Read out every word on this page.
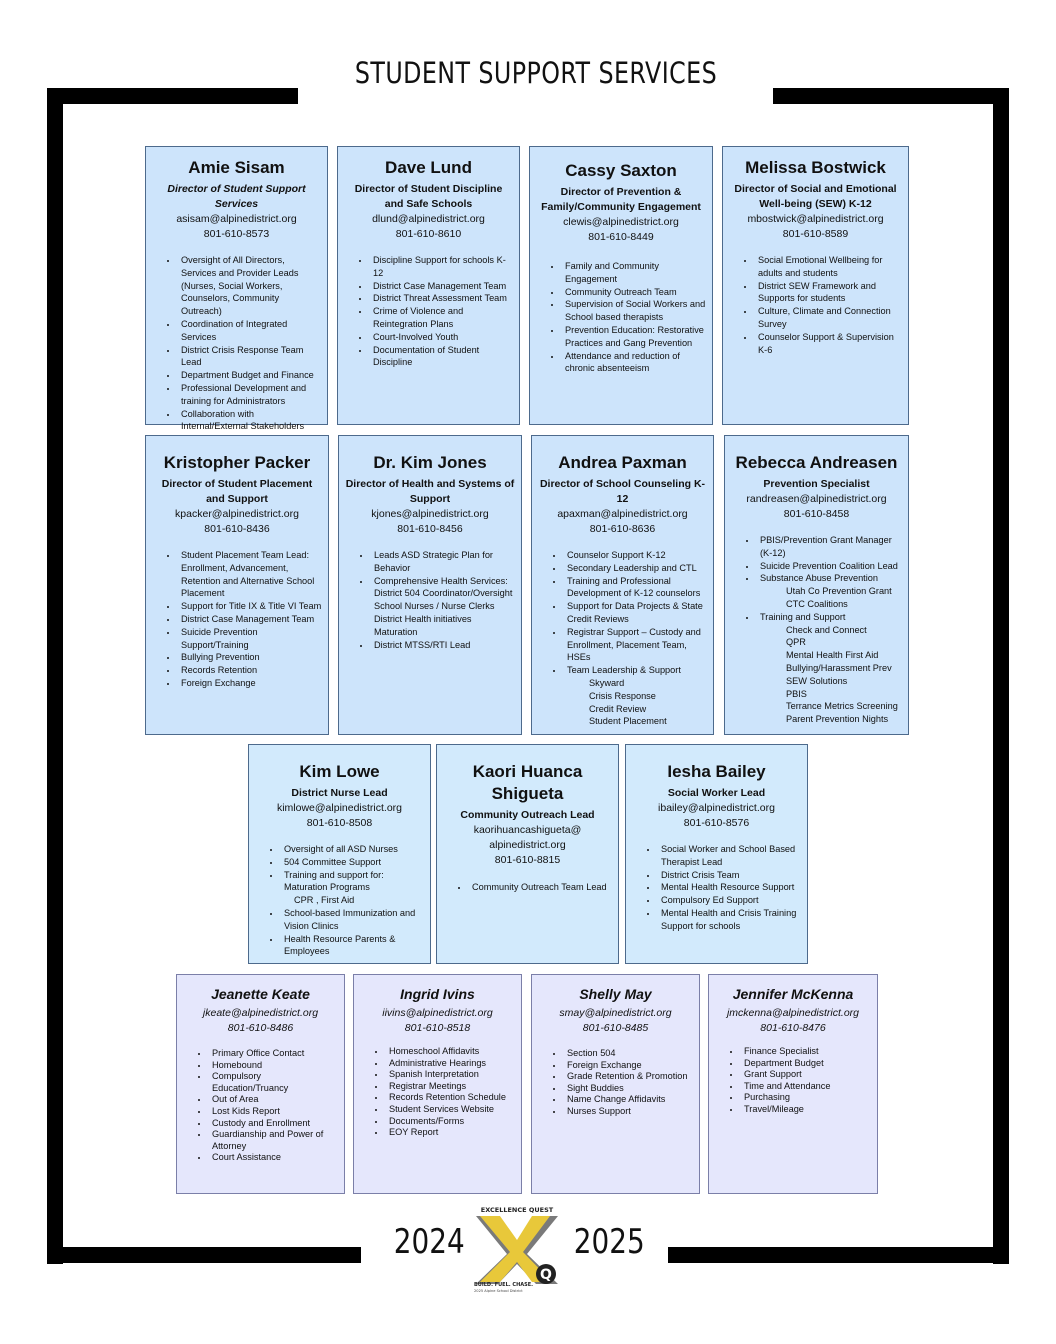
STUDENT SUPPORT SERVICES
Amie Sisam
Director of Student Support Services
asisam@alpinedistrict.org
801-610-8573
• Oversight of All Directors, Services and Provider Leads (Nurses, Social Workers, Counselors, Community Outreach)
• Coordination of Integrated Services
• District Crisis Response Team Lead
• Department Budget and Finance
• Professional Development and training for Administrators
• Collaboration with Internal/External Stakeholders
Dave Lund
Director of Student Discipline and Safe Schools
dlund@alpinedistrict.org
801-610-8610
• Discipline Support for schools K-12
• District Case Management Team
• District Threat Assessment Team
• Crime of Violence and Reintegration Plans
• Court-Involved Youth
• Documentation of Student Discipline
Cassy Saxton
Director of Prevention & Family/Community Engagement
clewis@alpinedistrict.org
801-610-8449
• Family and Community Engagement
• Community Outreach Team
• Supervision of Social Workers and School based therapists
• Prevention Education: Restorative Practices and Gang Prevention
• Attendance and reduction of chronic absenteeism
Melissa Bostwick
Director of Social and Emotional Well-being (SEW) K-12
mbostwick@alpinedistrict.org
801-610-8589
• Social Emotional Wellbeing for adults and students
• District SEW Framework and Supports for students
• Culture, Climate and Connection Survey
• Counselor Support & Supervision K-6
Kristopher Packer
Director of Student Placement and Support
kpacker@alpinedistrict.org
801-610-8436
• Student Placement Team Lead: Enrollment, Advancement, Retention and Alternative School Placement
• Support for Title IX & Title VI Team
• District Case Management Team
• Suicide Prevention Support/Training
• Bullying Prevention
• Records Retention
• Foreign Exchange
Dr. Kim Jones
Director of Health and Systems of Support
kjones@alpinedistrict.org
801-610-8456
• Leads ASD Strategic Plan for Behavior
• Comprehensive Health Services: District 504 Coordinator/Oversight School Nurses / Nurse Clerks District Health initiatives Maturation
• District MTSS/RTI Lead
Andrea Paxman
Director of School Counseling K-12
apaxman@alpinedistrict.org
801-610-8636
• Counselor Support K-12
• Secondary Leadership and CTL
• Training and Professional Development of K-12 counselors
• Support for Data Projects & State Credit Reviews
• Registrar Support – Custody and Enrollment, Placement Team, HSEs
• Team Leadership & Support
Skyward
Crisis Response
Credit Review
Student Placement
Rebecca Andreasen
Prevention Specialist
randreasen@alpinedistrict.org
801-610-8458
• PBIS/Prevention Grant Manager (K-12)
• Suicide Prevention Coalition Lead
• Substance Abuse Prevention
Utah Co Prevention Grant
CTC Coalitions
• Training and Support
Check and Connect
QPR
Mental Health First Aid
Bullying/Harassment Prev
SEW Solutions
PBIS
Terrance Metrics Screening
Parent Prevention Nights
Kim Lowe
District Nurse Lead
kimlowe@alpinedistrict.org
801-610-8508
• Oversight of all ASD Nurses
• 504 Committee Support
• Training and support for: Maturation Programs
CPR , First Aid
• School-based Immunization and Vision Clinics
• Health Resource Parents & Employees
Kaori Huanca Shigueta
Community Outreach Lead
kaorihuancashigueta@
alpinedistrict.org
801-610-8815
• Community Outreach Team Lead
Iesha Bailey
Social Worker Lead
ibailey@alpinedistrict.org
801-610-8576
• Social Worker and School Based Therapist Lead
• District Crisis Team
• Mental Health Resource Support
• Compulsory Ed Support
• Mental Health and Crisis Training Support for schools
Jeanette Keate
jkeate@alpinedistrict.org
801-610-8486
• Primary Office Contact
• Homebound
• Compulsory Education/Truancy
• Out of Area
• Lost Kids Report
• Custody and Enrollment
• Guardianship and Power of Attorney
• Court Assistance
Ingrid Ivins
iivins@alpinedistrict.org
801-610-8518
• Homeschool Affidavits
• Administrative Hearings
• Spanish Interpretation
• Registrar Meetings
• Records Retention Schedule
• Student Services Website
• Documents/Forms
• EOY Report
Shelly May
smay@alpinedistrict.org
801-610-8485
• Section 504
• Foreign Exchange
• Grade Retention & Promotion
• Sight Buddies
• Name Change Affidavits
• Nurses Support
Jennifer McKenna
jmckenna@alpinedistrict.org
801-610-8476
• Finance Specialist
• Department Budget
• Grant Support
• Time and Attendance
• Purchasing
• Travel/Mileage
2024	2025
EXCELLENCE QUEST
Q
BUILD. FUEL. CHASE.
2025 Alpine School District
